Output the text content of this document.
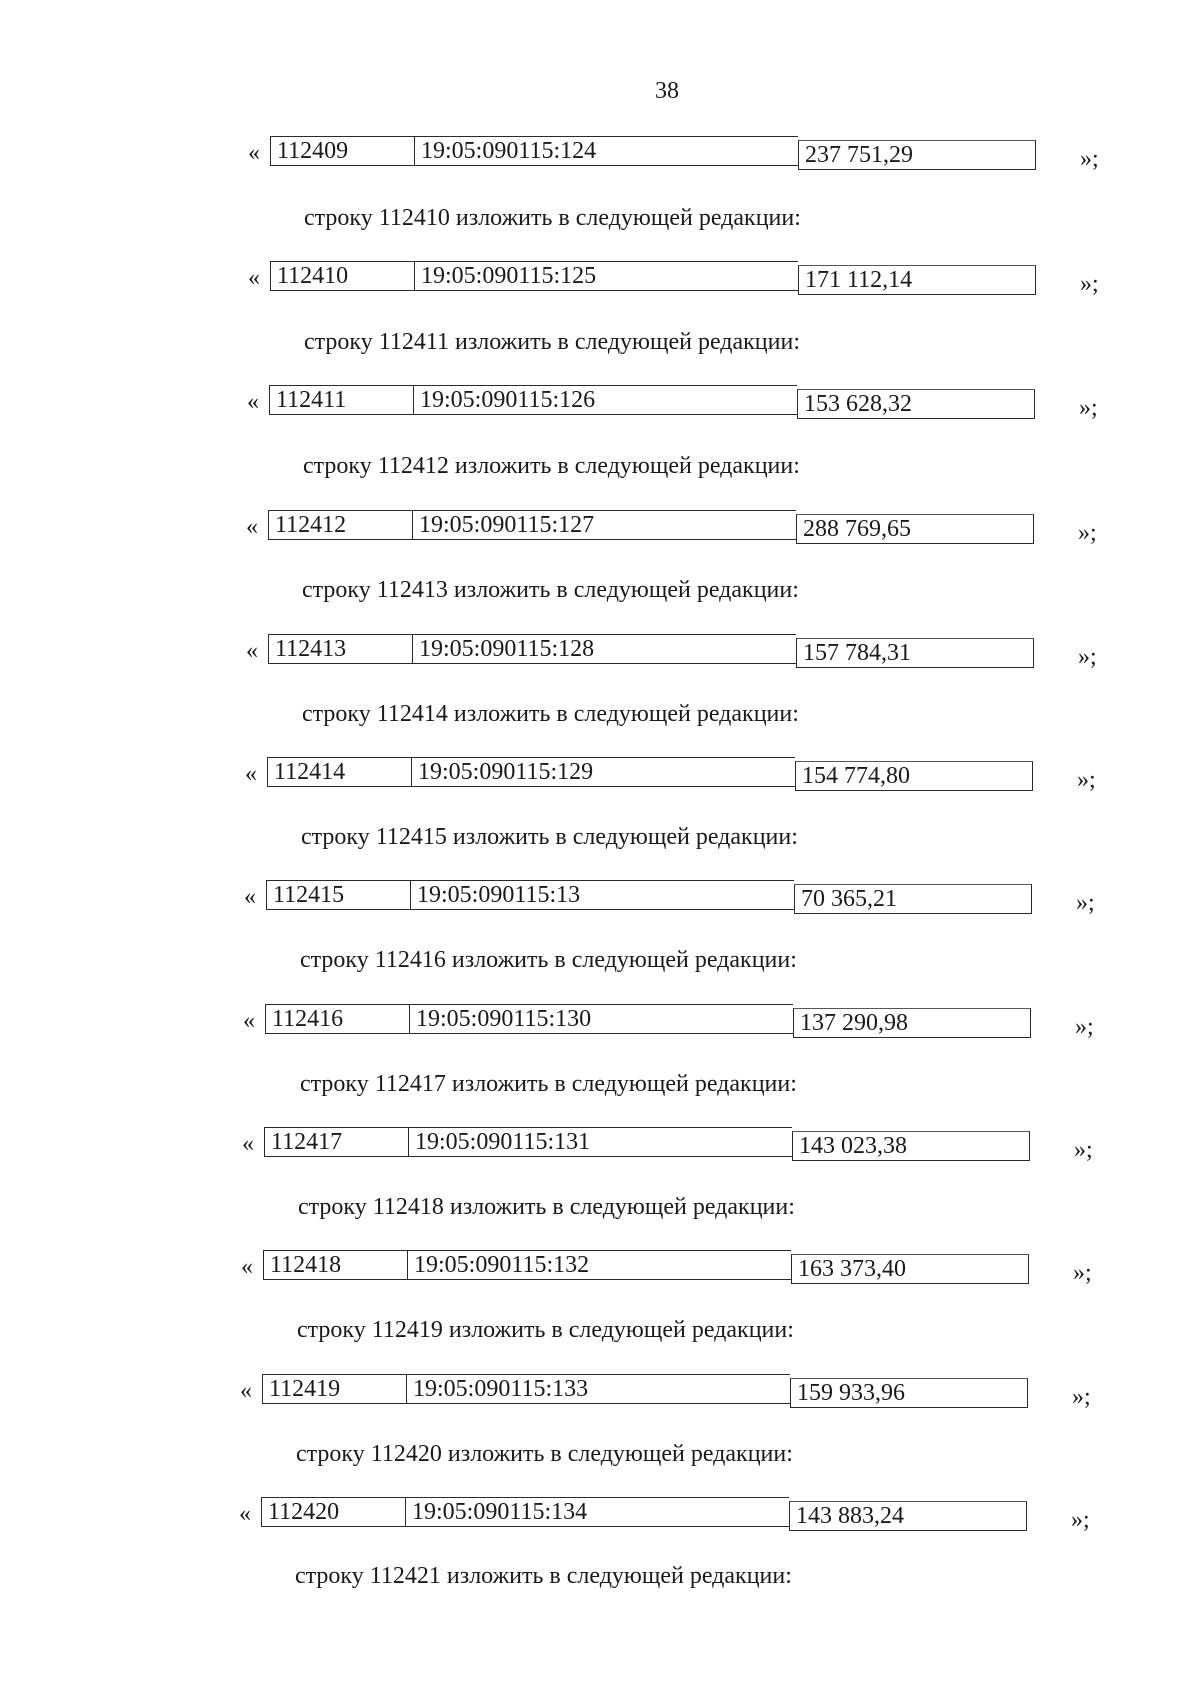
38
« 112409	19:05:090115:124	237 751,29	»;
строку 112410 изложить в следующей редакции:
« 112410	19:05:090115:125	171 112,14	»;
строку 112411 изложить в следующей редакции:
« 112411	19:05:090115:126	153 628,32	»;
строку 112412 изложить в следующей редакции:
« 112412	19:05:090115:127	288 769,65	»;
строку 112413 изложить в следующей редакции:
« 112413	19:05:090115:128	157 784,31	»;
строку 112414 изложить в следующей редакции:
« 112414	19:05:090115:129	154 774,80	»;
строку 112415 изложить в следующей редакции:
« 112415	19:05:090115:13	70 365,21	»;
строку 112416 изложить в следующей редакции:
« 112416	19:05:090115:130	137 290,98	»;
строку 112417 изложить в следующей редакции:
« 112417	19:05:090115:131	143 023,38	»;
строку 112418 изложить в следующей редакции:
« 112418	19:05:090115:132	163 373,40	»;
строку 112419 изложить в следующей редакции:
« 112419	19:05:090115:133	159 933,96	»;
строку 112420 изложить в следующей редакции:
« 112420	19:05:090115:134	143 883,24	»;
строку 112421 изложить в следующей редакции:
